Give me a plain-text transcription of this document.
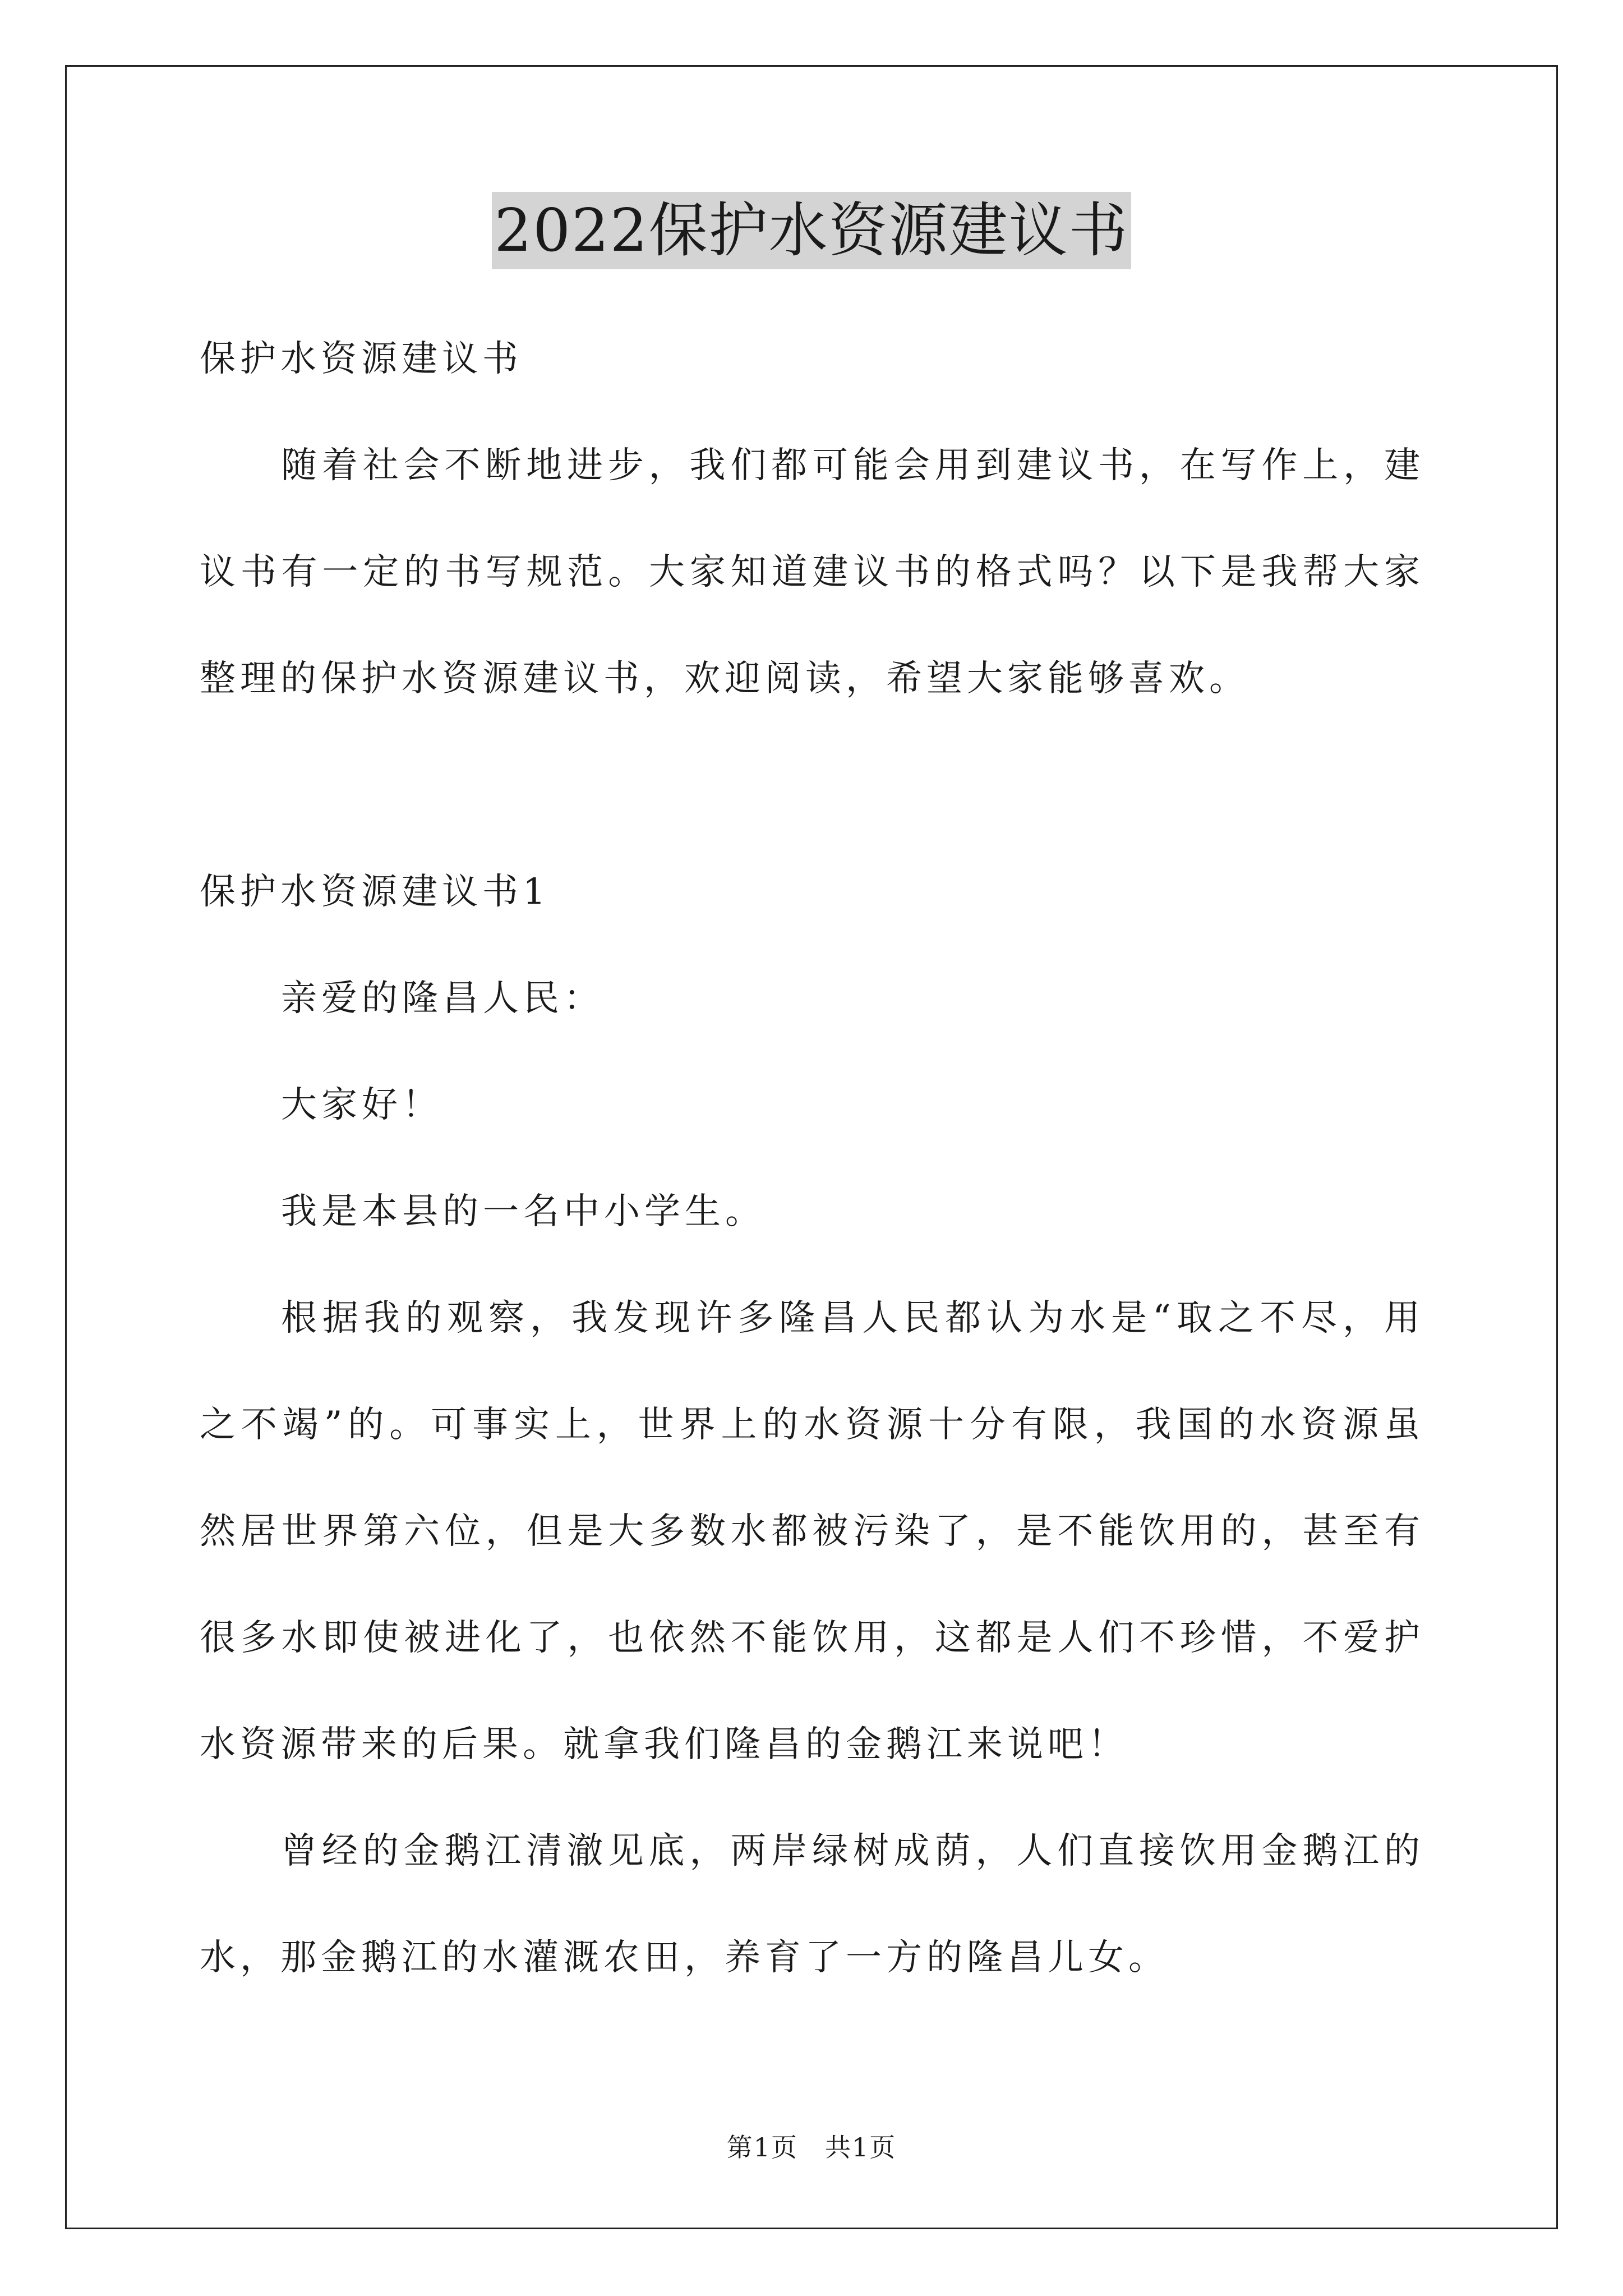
2022保护水资源建议书

保护水资源建议书

随着社会不断地进步，我们都可能会用到建议书，在写作上，建议书有一定的书写规范。大家知道建议书的格式吗？以下是我帮大家整理的保护水资源建议书，欢迎阅读，希望大家能够喜欢。

保护水资源建议书1

亲爱的隆昌人民：

大家好！

我是本县的一名中小学生。

根据我的观察，我发现许多隆昌人民都认为水是“取之不尽，用之不竭”的。可事实上，世界上的水资源十分有限，我国的水资源虽然居世界第六位，但是大多数水都被污染了，是不能饮用的，甚至有很多水即使被进化了，也依然不能饮用，这都是人们不珍惜，不爱护水资源带来的后果。就拿我们隆昌的金鹅江来说吧！

曾经的金鹅江清澈见底，两岸绿树成荫，人们直接饮用金鹅江的水，那金鹅江的水灌溉农田，养育了一方的隆昌儿女。

第1页　共1页
